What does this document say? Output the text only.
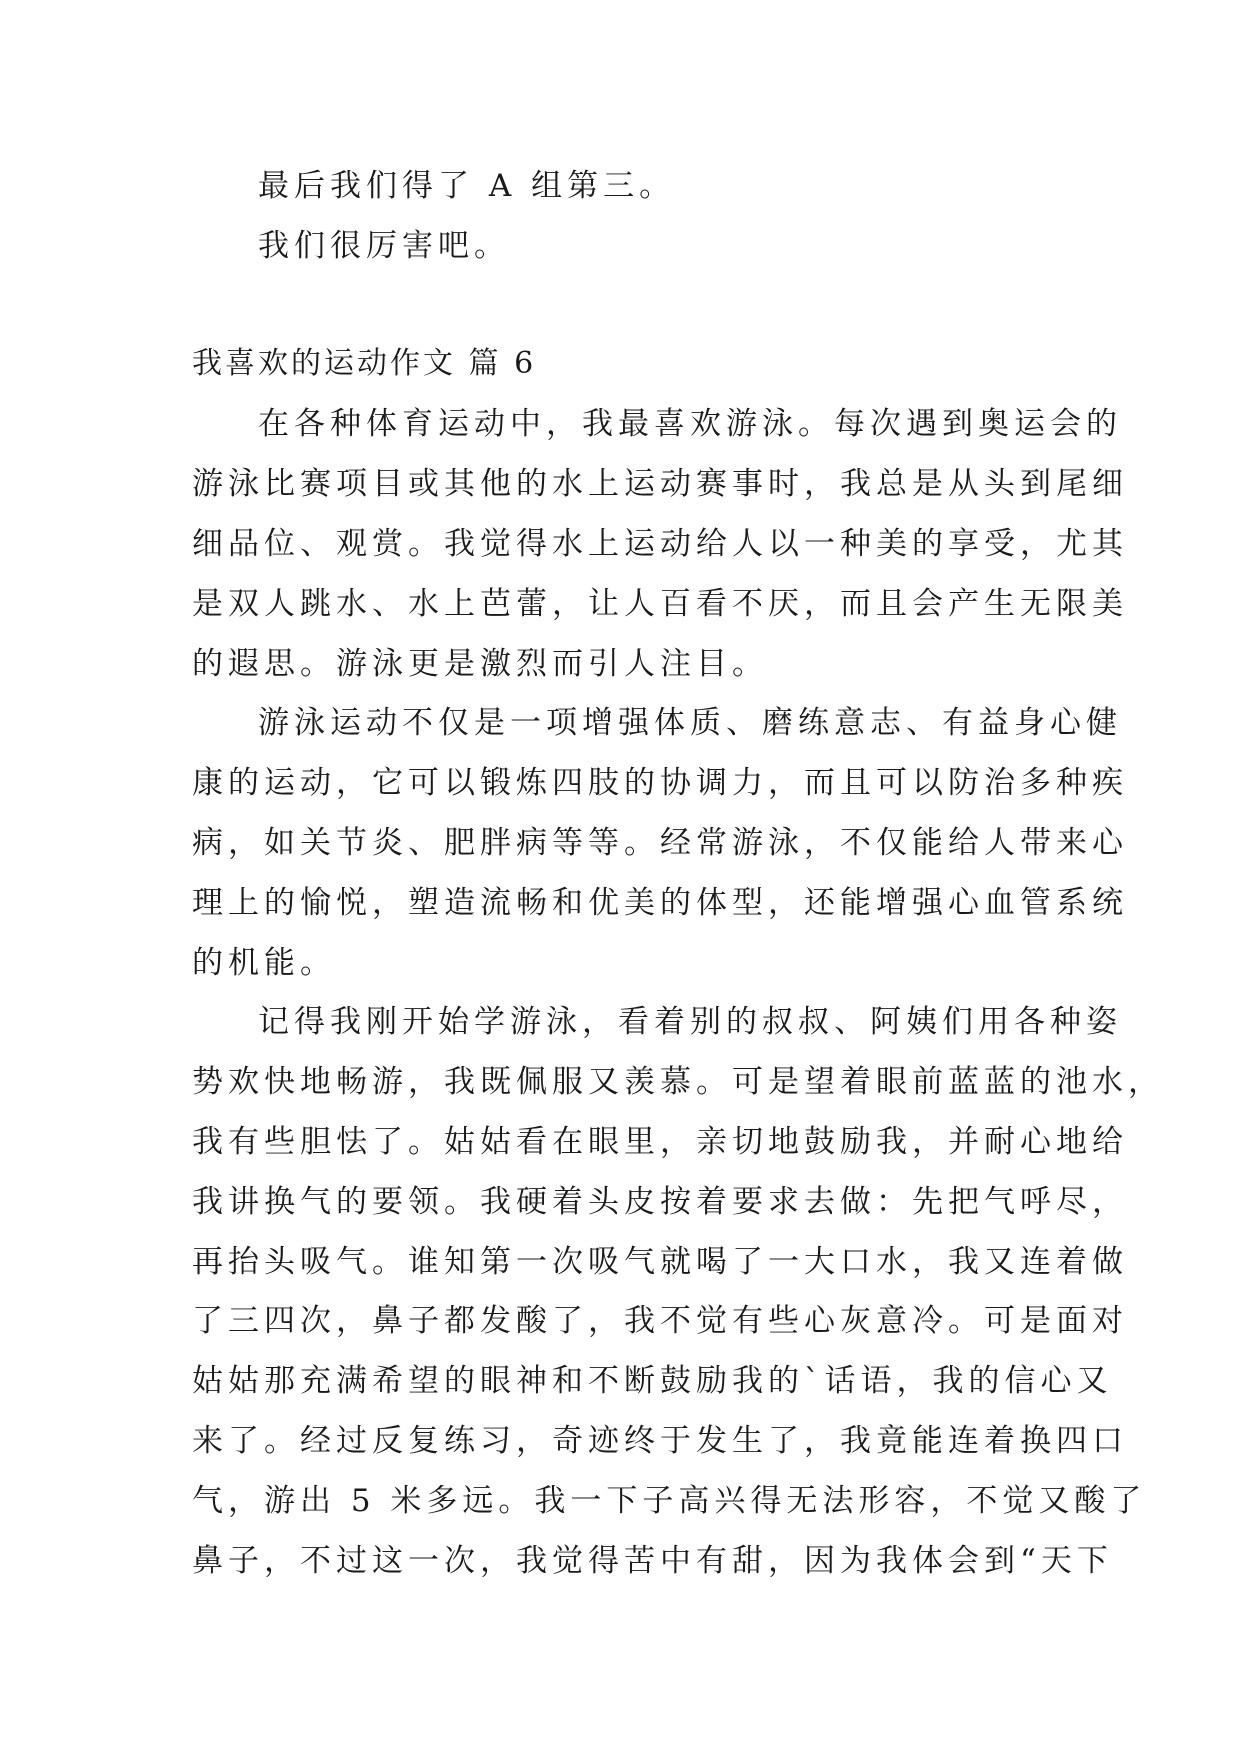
最后我们得了 A 组第三。
我们很厉害吧。
我喜欢的运动作文 篇 6
在各种体育运动中，我最喜欢游泳。每次遇到奥运会的
游泳比赛项目或其他的水上运动赛事时，我总是从头到尾细
细品位、观赏。我觉得水上运动给人以一种美的享受，尤其
是双人跳水、水上芭蕾，让人百看不厌，而且会产生无限美
的遐思。游泳更是激烈而引人注目。
游泳运动不仅是一项增强体质、磨练意志、有益身心健
康的运动，它可以锻炼四肢的协调力，而且可以防治多种疾
病，如关节炎、肥胖病等等。经常游泳，不仅能给人带来心
理上的愉悦，塑造流畅和优美的体型，还能增强心血管系统
的机能。
记得我刚开始学游泳，看着别的叔叔、阿姨们用各种姿
势欢快地畅游，我既佩服又羡慕。可是望着眼前蓝蓝的池水，
我有些胆怯了。姑姑看在眼里，亲切地鼓励我，并耐心地给
我讲换气的要领。我硬着头皮按着要求去做：先把气呼尽，
再抬头吸气。谁知第一次吸气就喝了一大口水，我又连着做
了三四次，鼻子都发酸了，我不觉有些心灰意冷。可是面对
姑姑那充满希望的眼神和不断鼓励我的`话语，我的信心又
来了。经过反复练习，奇迹终于发生了，我竟能连着换四口
气，游出 5 米多远。我一下子高兴得无法形容，不觉又酸了
鼻子，不过这一次，我觉得苦中有甜，因为我体会到“天下
